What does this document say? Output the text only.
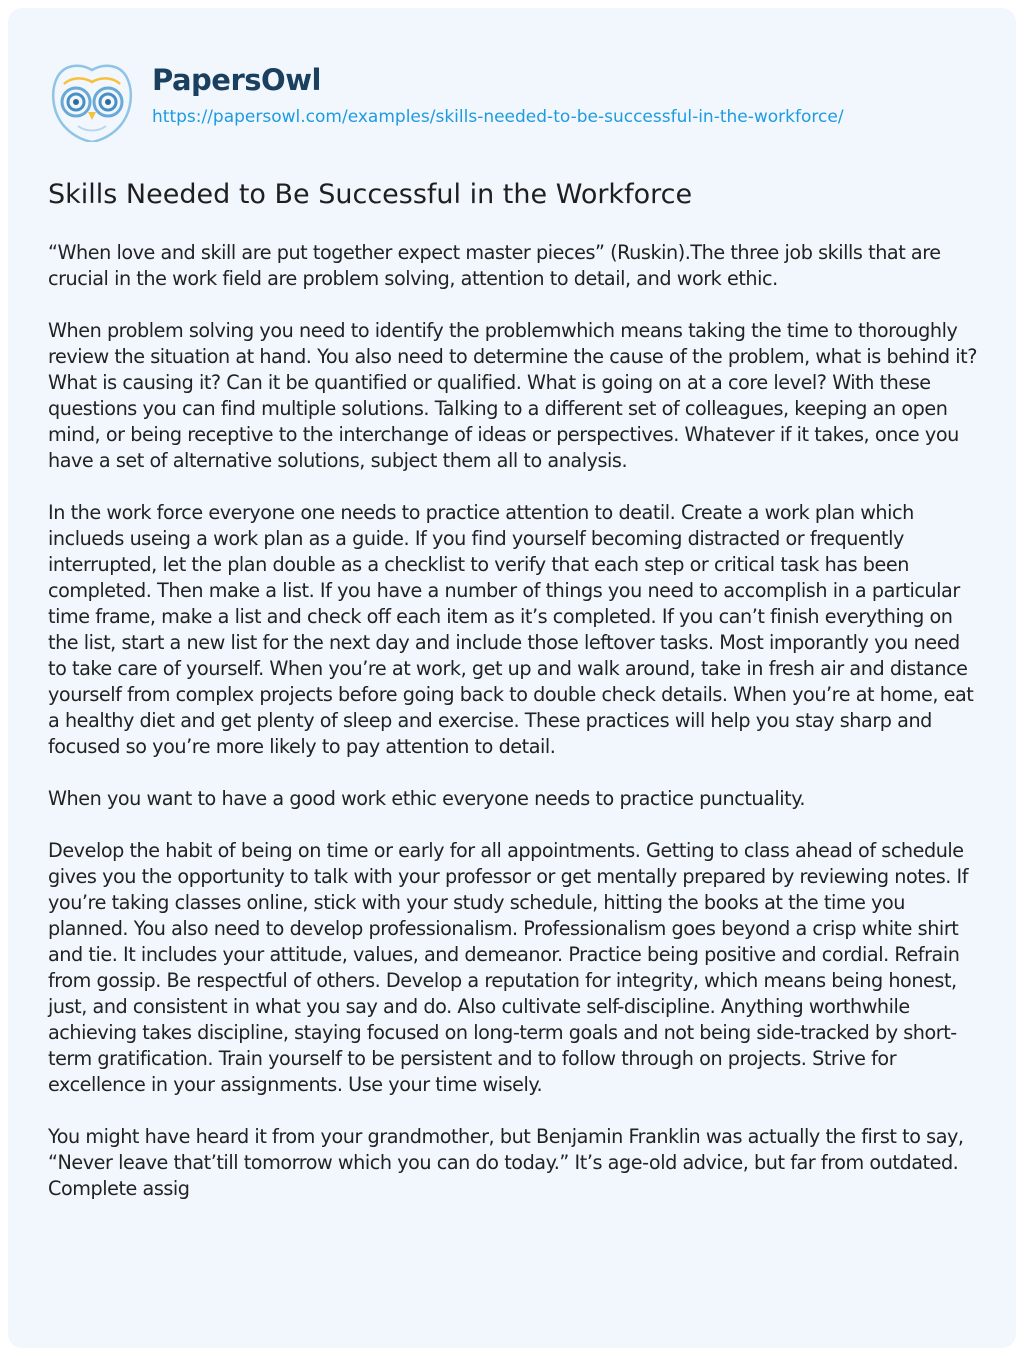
PapersOwl
https://papersowl.com/examples/skills-needed-to-be-successful-in-the-workforce/
Skills Needed to Be Successful in the Workforce

“When love and skill are put together expect master pieces” (Ruskin).The three job skills that are crucial in the work field are problem solving, attention to detail, and work ethic.

When problem solving you need to identify the problemwhich means taking the time to thoroughly review the situation at hand. You also need to determine the cause of the problem, what is behind it? What is causing it? Can it be quantified or qualified. What is going on at a core level? With these questions you can find multiple solutions. Talking to a different set of colleagues, keeping an open mind, or being receptive to the interchange of ideas or perspectives. Whatever if it takes, once you have a set of alternative solutions, subject them all to analysis.

In the work force everyone one needs to practice attention to deatil. Create a work plan which inclueds useing a work plan as a guide. If you find yourself becoming distracted or frequently interrupted, let the plan double as a checklist to verify that each step or critical task has been completed. Then make a list. If you have a number of things you need to accomplish in a particular time frame, make a list and check off each item as it’s completed. If you can’t finish everything on the list, start a new list for the next day and include those leftover tasks. Most imporantly you need to take care of yourself. When you’re at work, get up and walk around, take in fresh air and distance yourself from complex projects before going back to double check details. When you’re at home, eat a healthy diet and get plenty of sleep and exercise. These practices will help you stay sharp and focused so you’re more likely to pay attention to detail.

When you want to have a good work ethic everyone needs to practice punctuality.

Develop the habit of being on time or early for all appointments. Getting to class ahead of schedule gives you the opportunity to talk with your professor or get mentally prepared by reviewing notes. If you’re taking classes online, stick with your study schedule, hitting the books at the time you planned. You also need to develop professionalism. Professionalism goes beyond a crisp white shirt and tie. It includes your attitude, values, and demeanor. Practice being positive and cordial. Refrain from gossip. Be respectful of others. Develop a reputation for integrity, which means being honest, just, and consistent in what you say and do. Also cultivate self-discipline. Anything worthwhile achieving takes discipline, staying focused on long-term goals and not being side-tracked by short-term gratification. Train yourself to be persistent and to follow through on projects. Strive for excellence in your assignments. Use your time wisely.

You might have heard it from your grandmother, but Benjamin Franklin was actually the first to say, “Never leave that’till tomorrow which you can do today.” It’s age-old advice, but far from outdated. Complete assig
